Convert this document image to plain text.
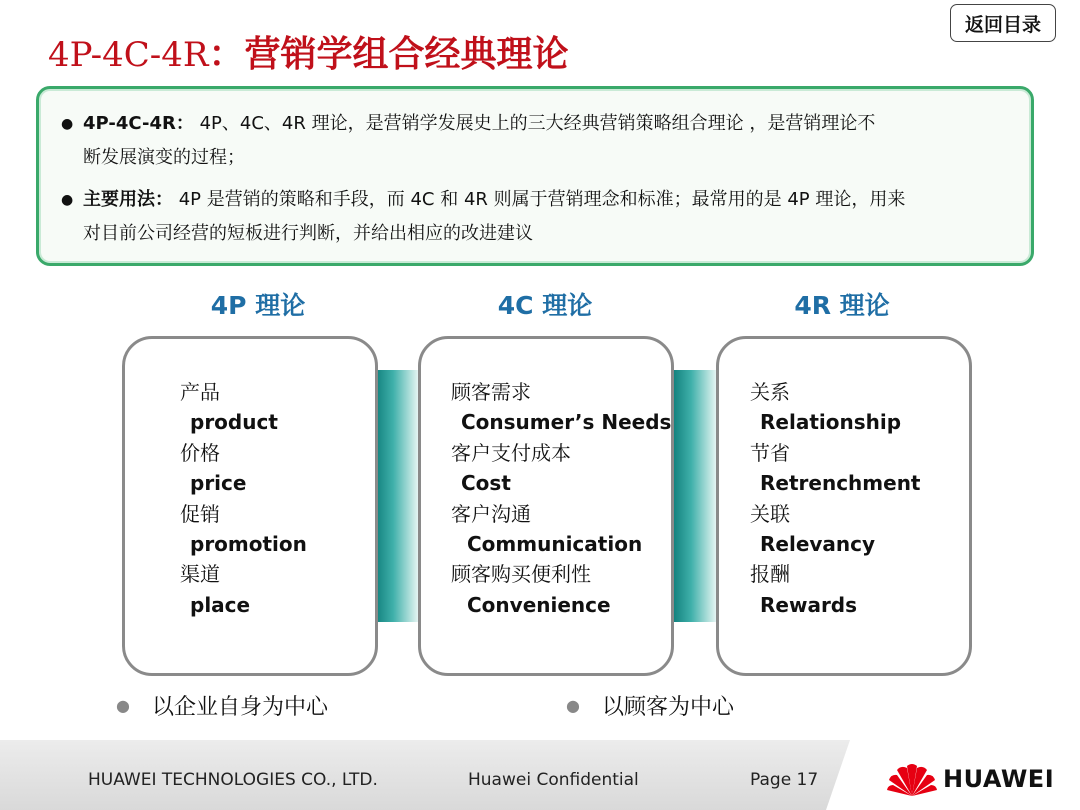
返回目录
4P-4C-4R：营销学组合经典理论
● 4P-4C-4R： 4P、4C、4R 理论，是营销学发展史上的三大经典营销策略组合理论 ，是营销理论不
断发展演变的过程；
● 主要用法： 4P 是营销的策略和手段，而 4C 和 4R 则属于营销理念和标准；最常用的是 4P 理论，用来
对目前公司经营的短板进行判断，并给出相应的改进建议
4P 理论	4C 理论	4R 理论
产品
product
价格
price
促销
promotion
渠道
place
顾客需求
Consumer’s Needs
客户支付成本
Cost
客户沟通
Communication
顾客购买便利性
Convenience
关系
Relationship
节省
Retrenchment
关联
Relevancy
报酬
Rewards
● 以企业自身为中心	● 以顾客为中心
HUAWEI TECHNOLOGIES CO., LTD.	Huawei Confidential	Page 17	HUAWEI
